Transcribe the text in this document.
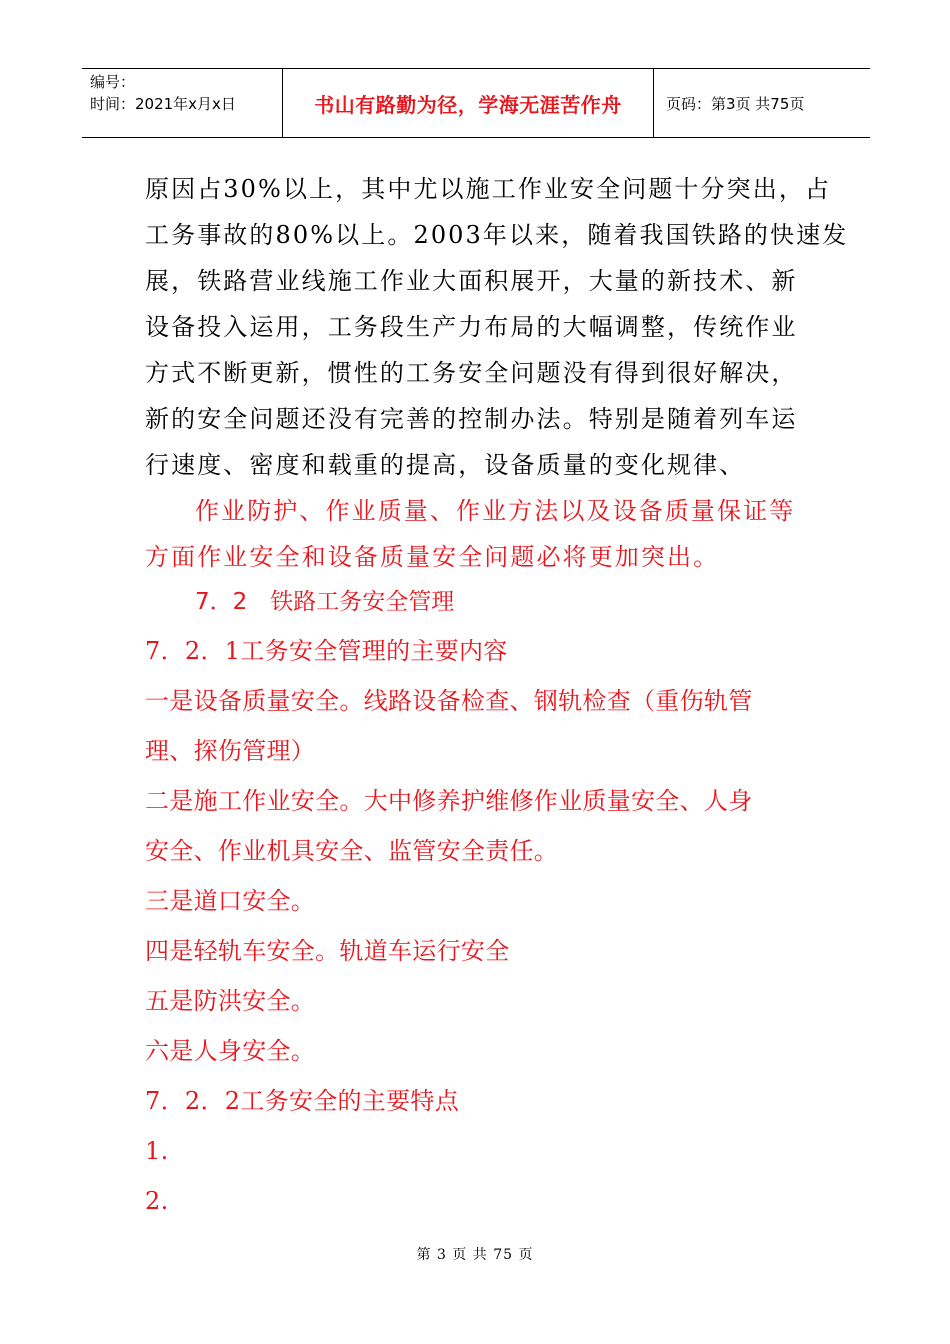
编号：
时间：2021年x月x日	书山有路勤为径，学海无涯苦作舟	页码：第3页 共75页
原因占30%以上，其中尤以施工作业安全问题十分突出，占
工务事故的80%以上。2003年以来，随着我国铁路的快速发
展，铁路营业线施工作业大面积展开，大量的新技术、新
设备投入运用，工务段生产力布局的大幅调整，传统作业
方式不断更新，惯性的工务安全问题没有得到很好解决，
新的安全问题还没有完善的控制办法。特别是随着列车运
行速度、密度和载重的提高，设备质量的变化规律、
作业防护、作业质量、作业方法以及设备质量保证等
方面作业安全和设备质量安全问题必将更加突出。
7．2　铁路工务安全管理
7．2．1工务安全管理的主要内容
一是设备质量安全。线路设备检查、钢轨检查（重伤轨管
理、探伤管理）
二是施工作业安全。大中修养护维修作业质量安全、人身
安全、作业机具安全、监管安全责任。
三是道口安全。
四是轻轨车安全。轨道车运行安全
五是防洪安全。
六是人身安全。
7．2．2工务安全的主要特点
1.
2.
第 3 页 共 75 页
